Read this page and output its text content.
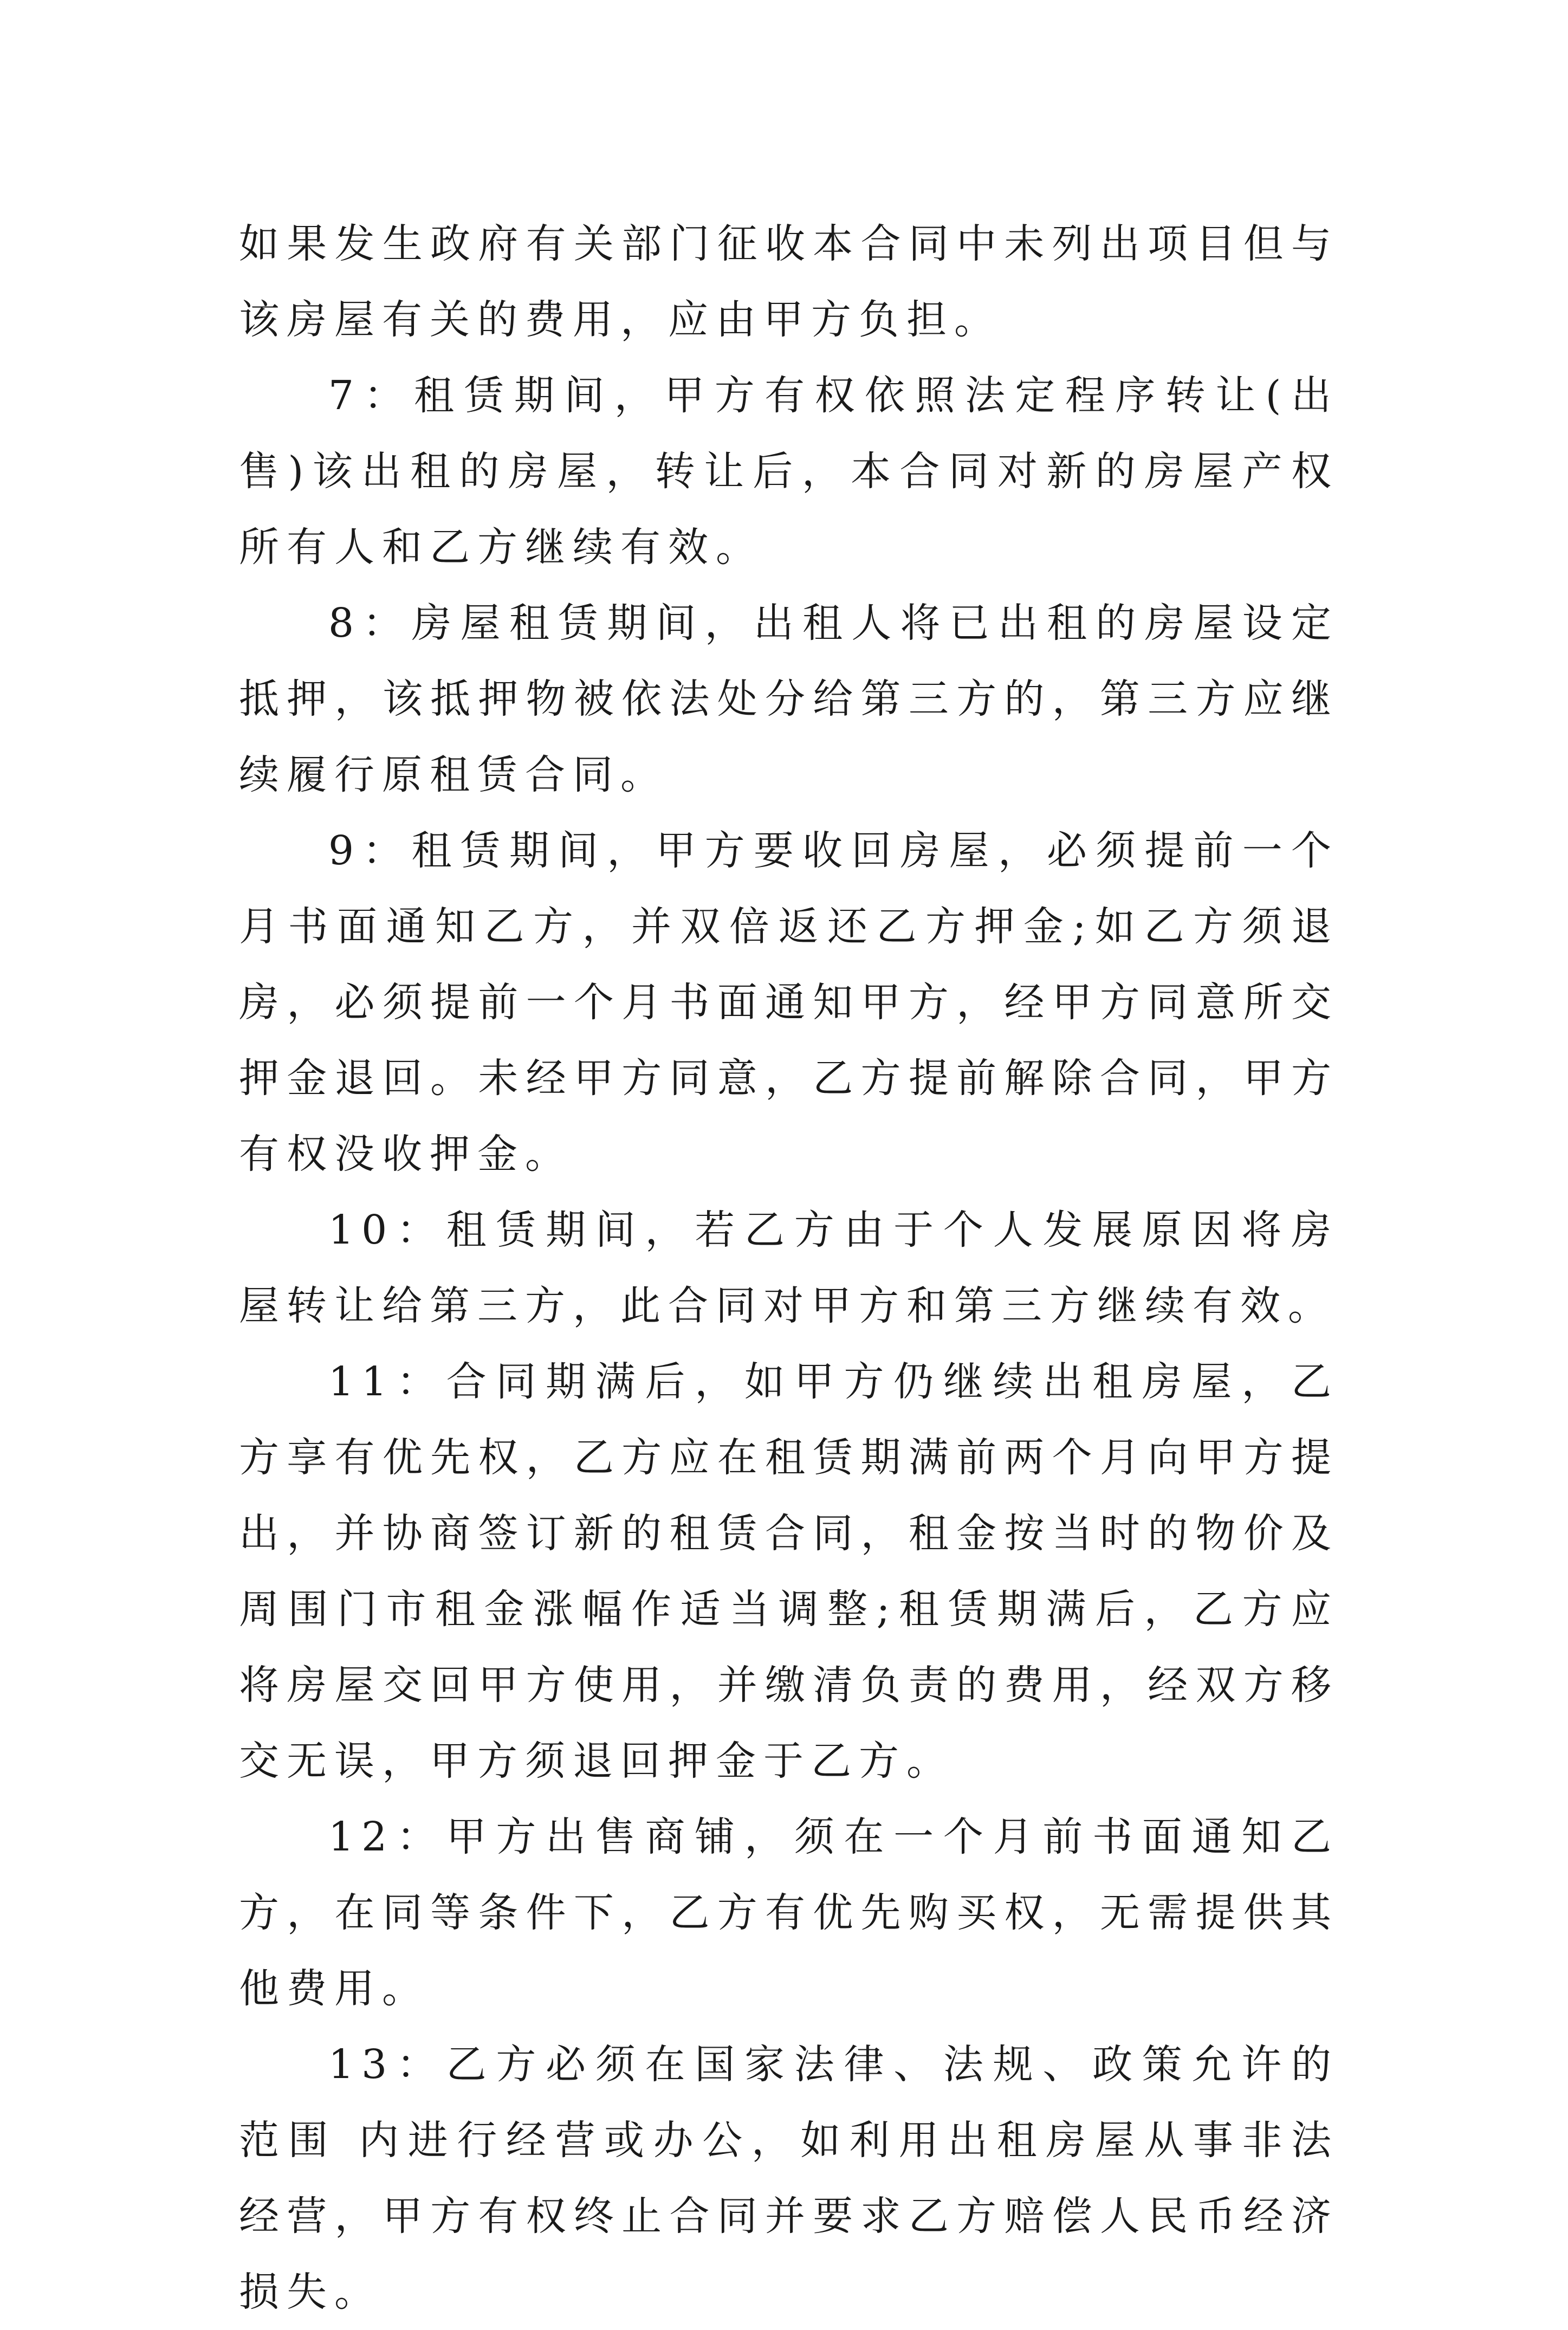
如果发生政府有关部门征收本合同中未列出项目但与该房屋有关的费用，应由甲方负担。

7：租赁期间，甲方有权依照法定程序转让(出售)该出租的房屋，转让后，本合同对新的房屋产权所有人和乙方继续有效。

8：房屋租赁期间，出租人将已出租的房屋设定抵押，该抵押物被依法处分给第三方的，第三方应继续履行原租赁合同。

9：租赁期间，甲方要收回房屋，必须提前一个月书面通知乙方，并双倍返还乙方押金;如乙方须退房，必须提前一个月书面通知甲方，经甲方同意所交押金退回。未经甲方同意，乙方提前解除合同，甲方有权没收押金。

10：租赁期间，若乙方由于个人发展原因将房屋转让给第三方，此合同对甲方和第三方继续有效。

11：合同期满后，如甲方仍继续出租房屋，乙方享有优先权，乙方应在租赁期满前两个月向甲方提出，并协商签订新的租赁合同，租金按当时的物价及周围门市租金涨幅作适当调整;租赁期满后，乙方应将房屋交回甲方使用，并缴清负责的费用，经双方移交无误，甲方须退回押金于乙方。

12：甲方出售商铺，须在一个月前书面通知乙方，在同等条件下，乙方有优先购买权，无需提供其他费用。

13：乙方必须在国家法律、法规、政策允许的范围 内进行经营或办公，如利用出租房屋从事非法经营，甲方有权终止合同并要求乙方赔偿人民币经济损失。
